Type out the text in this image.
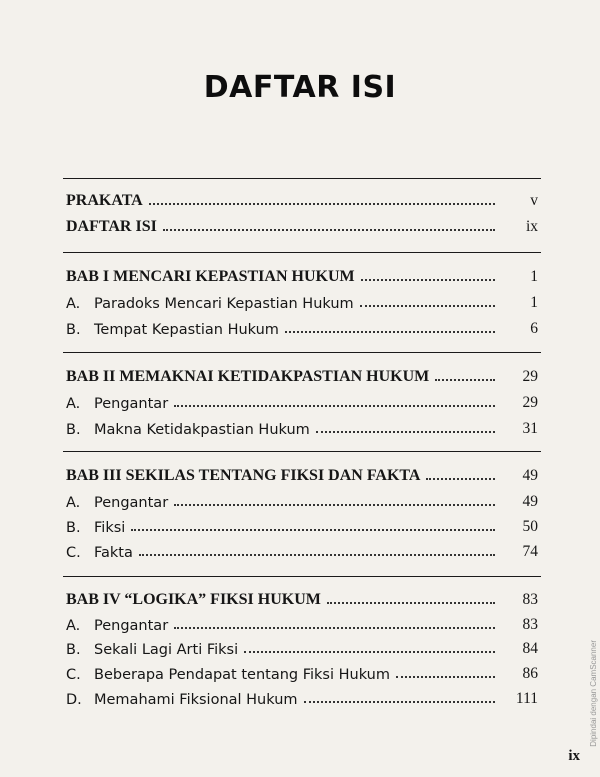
DAFTAR ISI
PRAKATA	v
DAFTAR ISI	ix
BAB I MENCARI KEPASTIAN HUKUM	1
A. Paradoks Mencari Kepastian Hukum	1
B. Tempat Kepastian Hukum	6
BAB II MEMAKNAI KETIDAKPASTIAN HUKUM	29
A. Pengantar	29
B. Makna Ketidakpastian Hukum	31
BAB III SEKILAS TENTANG FIKSI DAN FAKTA	49
A. Pengantar	49
B. Fiksi	50
C. Fakta	74
BAB IV “LOGIKA” FIKSI HUKUM	83
A. Pengantar	83
B. Sekali Lagi Arti Fiksi	84
C. Beberapa Pendapat tentang Fiksi Hukum	86
D. Memahami Fiksional Hukum	111
ix
Dipindai dengan CamScanner
